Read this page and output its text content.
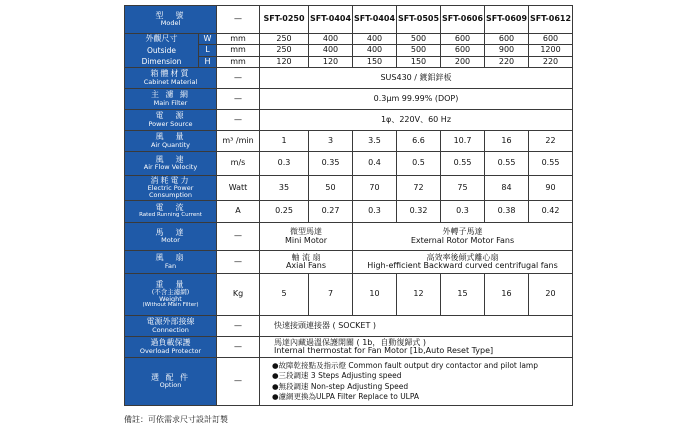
型　號
Model		—	SFT-0250	SFT-0404	SFT-0404	SFT-0505	SFT-0606	SFT-0609	SFT-0612

外觀尺寸
Outside
Dimension	W	mm	250	400	400	500	600	600	600
	L	mm	250	400	400	500	600	900	1200
	H	mm	120	120	150	150	200	220	220

箱體材質
Cabinet Material		—	SUS430 / 鍍鋁鋅板						

主 濾 網
Main Filter		—	0.3μm 99.99% (DOP)						

電　源
Power Source		—	1φ、220V、60 Hz						

風　量
Air Quantity		m³ /min	1	3	3.5	6.6	10.7	16	22

風　速
Air Flow Velocity		m/s	0.3	0.35	0.4	0.5	0.55	0.55	0.55

消耗電力
Electric Power
Consumption		Watt	35	50	70	72	75	84	90

電　流
Rated Running Current		A	0.25	0.27	0.3	0.32	0.3	0.38	0.42

馬　達
Motor		—	微型馬達
Mini Motor		外轉子馬達
External Rotor Motor Fans				

風　扇
Fan		—	軸 流 扇
Axial Fans		高效率後傾式離心扇
High-efficient Backward curved centrifugal fans				

重　量
(不含主濾網)
Weight
(Without Main Filter)		Kg	5	7	10	12	15	16	20

電源外部接線
Connection		—	快速接頭連接器 ( SOCKET )						

過負載保護
Overload Protector		—	馬達內藏過溫保護開關 ( 1b，自動復歸式 )
Internal thermostat for Fan Motor [1b,Auto Reset Type]						

選 配 件
Option		—	●故障乾接點及指示燈 Common fault output dry contactor and pilot lamp
●三段調速 3 Steps Adjusting speed
●無段調速 Non-step Adjusting Speed
●濾網更換為ULPA Filter Replace to ULPA						
備註：可依需求尺寸設計訂製
